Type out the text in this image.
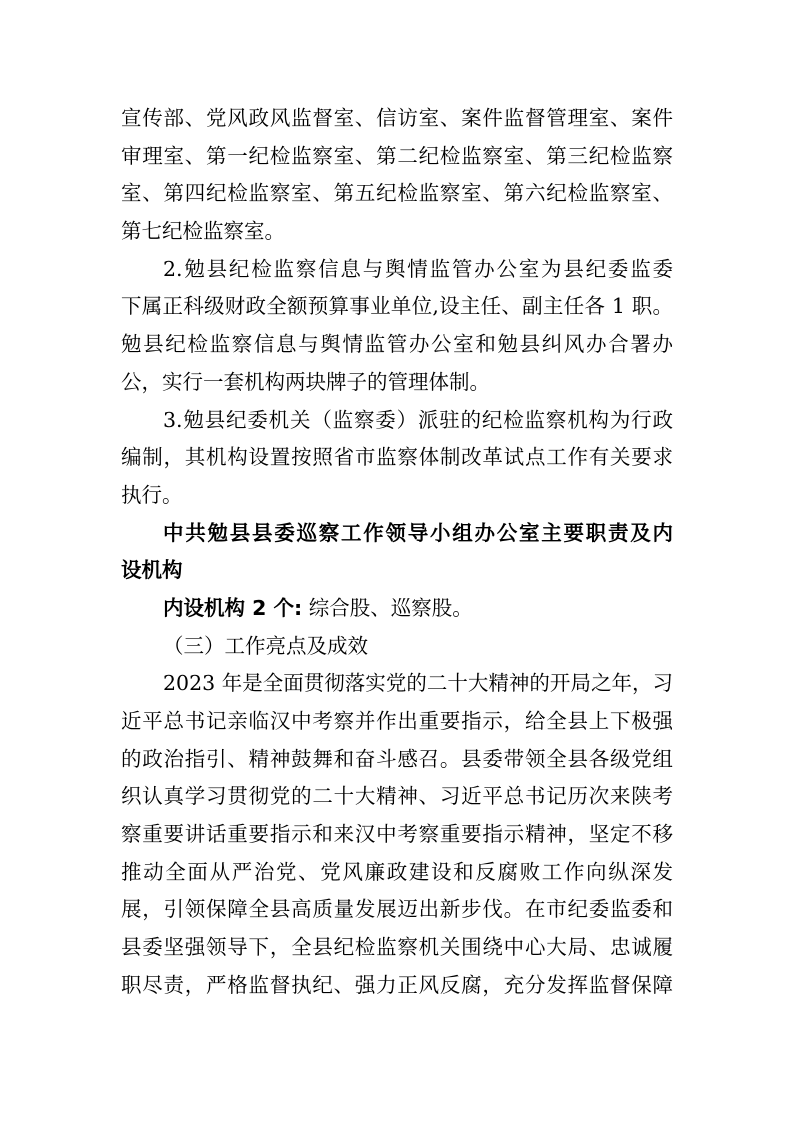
宣传部、党风政风监督室、信访室、案件监督管理室、案件
审理室、第一纪检监察室、第二纪检监察室、第三纪检监察
室、第四纪检监察室、第五纪检监察室、第六纪检监察室、
第七纪检监察室。
2.勉县纪检监察信息与舆情监管办公室为县纪委监委
下属正科级财政全额预算事业单位,设主任、副主任各 1 职。
勉县纪检监察信息与舆情监管办公室和勉县纠风办合署办
公，实行一套机构两块牌子的管理体制。
3.勉县纪委机关（监察委）派驻的纪检监察机构为行政
编制，其机构设置按照省市监察体制改革试点工作有关要求
执行。
中共勉县县委巡察工作领导小组办公室主要职责及内
设机构
内设机构 2 个: 综合股、巡察股。
（三）工作亮点及成效
2023 年是全面贯彻落实党的二十大精神的开局之年，习
近平总书记亲临汉中考察并作出重要指示，给全县上下极强
的政治指引、精神鼓舞和奋斗感召。县委带领全县各级党组
织认真学习贯彻党的二十大精神、习近平总书记历次来陕考
察重要讲话重要指示和来汉中考察重要指示精神，坚定不移
推动全面从严治党、党风廉政建设和反腐败工作向纵深发
展，引领保障全县高质量发展迈出新步伐。在市纪委监委和
县委坚强领导下，全县纪检监察机关围绕中心大局、忠诚履
职尽责，严格监督执纪、强力正风反腐，充分发挥监督保障
